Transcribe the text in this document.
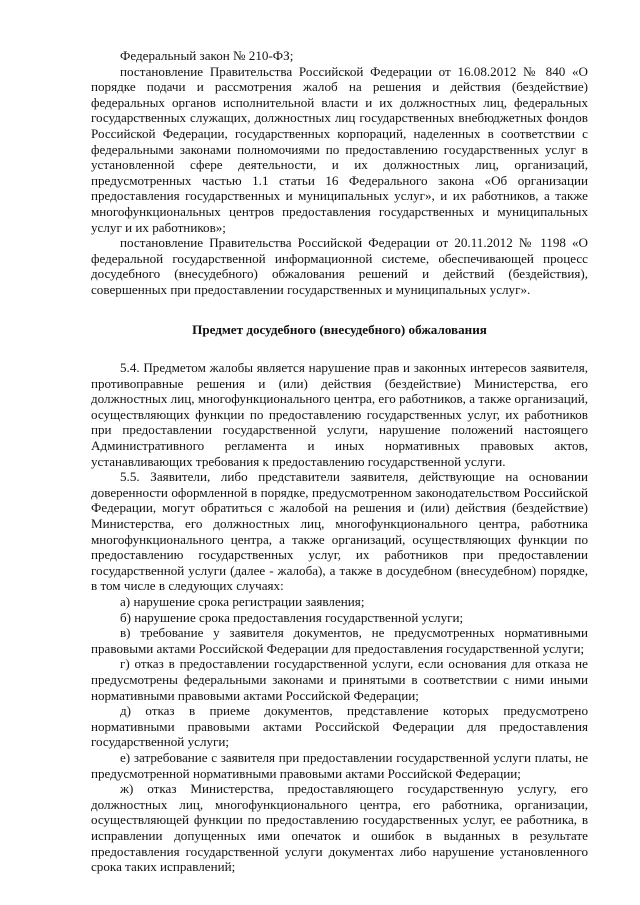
Федеральный закон № 210-ФЗ;

постановление Правительства Российской Федерации от 16.08.2012 № 840 «О порядке подачи и рассмотрения жалоб на решения и действия (бездействие) федеральных органов исполнительной власти и их должностных лиц, федеральных государственных служащих, должностных лиц государственных внебюджетных фондов Российской Федерации, государственных корпораций, наделенных в соответствии с федеральными законами полномочиями по предоставлению государственных услуг в установленной сфере деятельности, и их должностных лиц, организаций, предусмотренных частью 1.1 статьи 16 Федерального закона «Об организации предоставления государственных и муниципальных услуг», и их работников, а также многофункциональных центров предоставления государственных и муниципальных услуг и их работников»;

постановление Правительства Российской Федерации от 20.11.2012 № 1198 «О федеральной государственной информационной системе, обеспечивающей процесс досудебного (внесудебного) обжалования решений и действий (бездействия), совершенных при предоставлении государственных и муниципальных услуг».

Предмет досудебного (внесудебного) обжалования

5.4. Предметом жалобы является нарушение прав и законных интересов заявителя, противоправные решения и (или) действия (бездействие) Министерства, его должностных лиц, многофункционального центра, его работников, а также организаций, осуществляющих функции по предоставлению государственных услуг, их работников при предоставлении государственной услуги, нарушение положений настоящего Административного регламента и иных нормативных правовых актов, устанавливающих требования к предоставлению государственной услуги.

5.5. Заявители, либо представители заявителя, действующие на основании доверенности оформленной в порядке, предусмотренном законодательством Российской Федерации, могут обратиться с жалобой на решения и (или) действия (бездействие) Министерства, его должностных лиц, многофункционального центра, работника многофункционального центра, а также организаций, осуществляющих функции по предоставлению государственных услуг, их работников при предоставлении государственной услуги (далее - жалоба), а также в досудебном (внесудебном) порядке, в том числе в следующих случаях:

а) нарушение срока регистрации заявления;

б) нарушение срока предоставления государственной услуги;

в) требование у заявителя документов, не предусмотренных нормативными правовыми актами Российской Федерации для предоставления государственной услуги;

г) отказ в предоставлении государственной услуги, если основания для отказа не предусмотрены федеральными законами и принятыми в соответствии с ними иными нормативными правовыми актами Российской Федерации;

д) отказ в приеме документов, представление которых предусмотрено нормативными правовыми актами Российской Федерации для предоставления государственной услуги;

е) затребование с заявителя при предоставлении государственной услуги платы, не предусмотренной нормативными правовыми актами Российской Федерации;

ж) отказ Министерства, предоставляющего государственную услугу, его должностных лиц, многофункционального центра, его работника, организации, осуществляющей функции по предоставлению государственных услуг, ее работника, в исправлении допущенных ими опечаток и ошибок в выданных в результате предоставления государственной услуги документах либо нарушение установленного срока таких исправлений;
